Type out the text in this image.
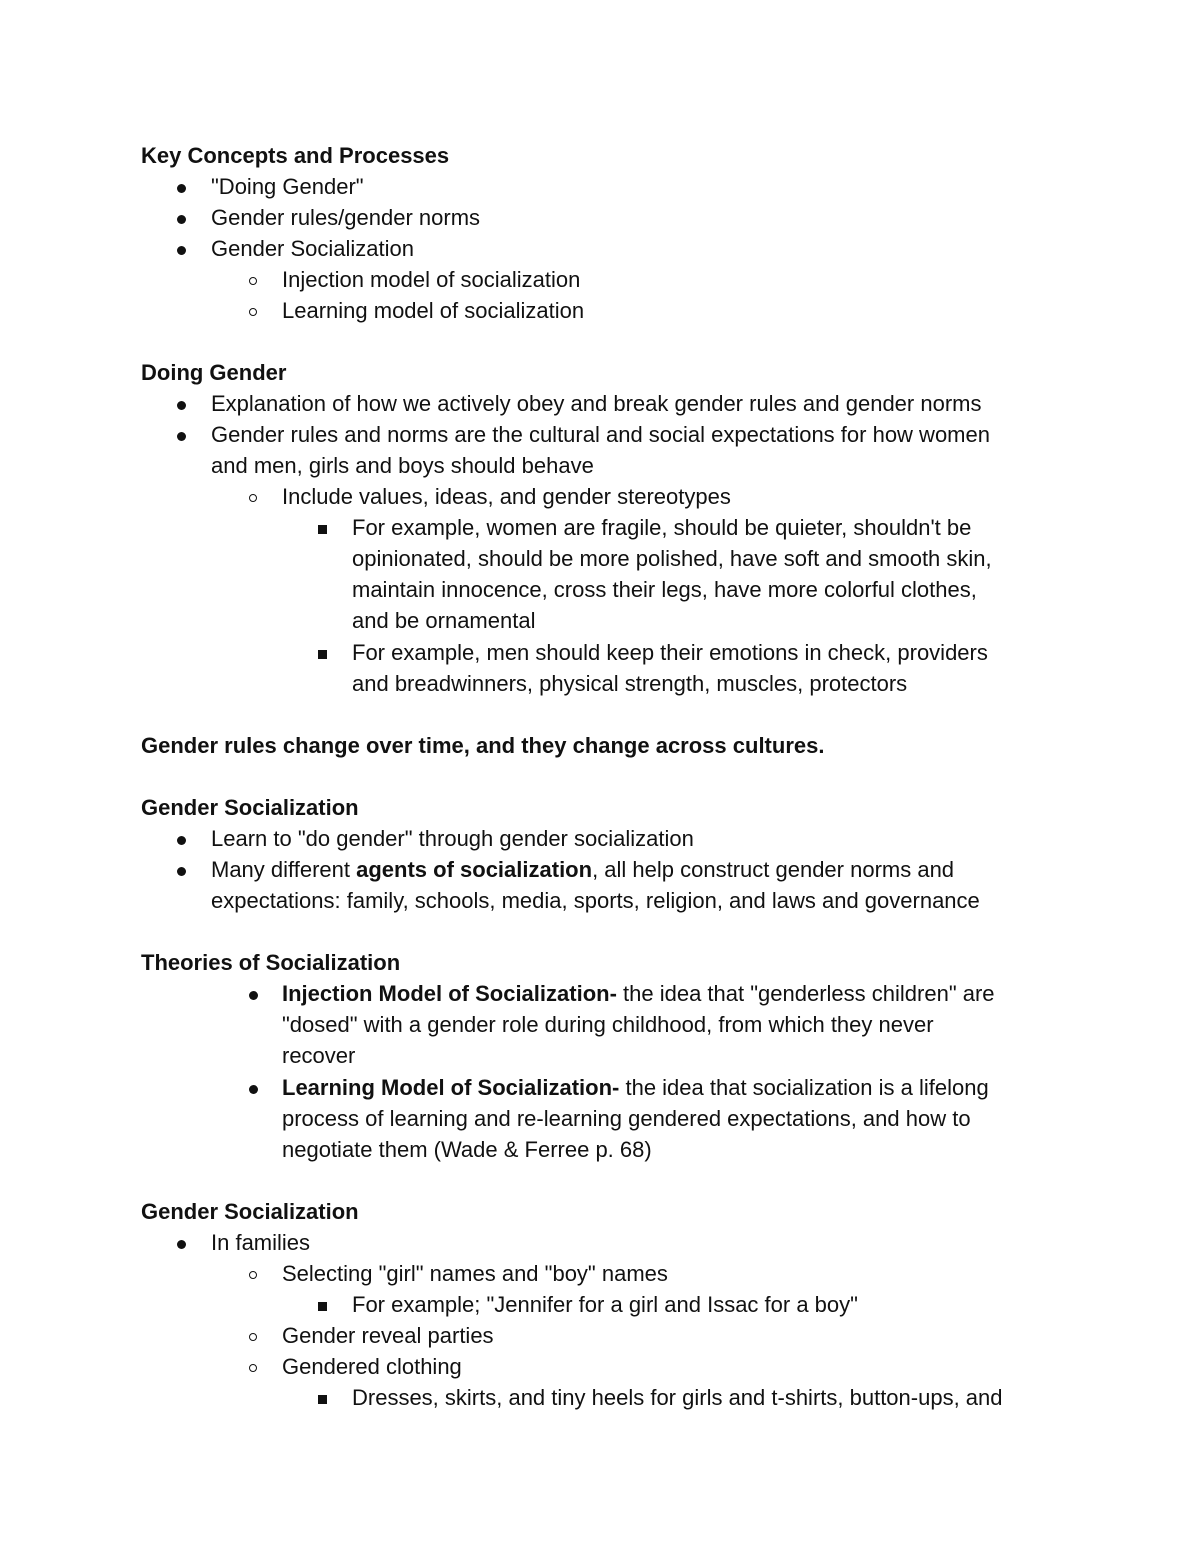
Key Concepts and Processes
"Doing Gender"
Gender rules/gender norms
Gender Socialization
Injection model of socialization
Learning model of socialization
Doing Gender
Explanation of how we actively obey and break gender rules and gender norms
Gender rules and norms are the cultural and social expectations for how women
and men, girls and boys should behave
Include values, ideas, and gender stereotypes
For example, women are fragile, should be quieter, shouldn't be
opinionated, should be more polished, have soft and smooth skin,
maintain innocence, cross their legs, have more colorful clothes,
and be ornamental
For example, men should keep their emotions in check, providers
and breadwinners, physical strength, muscles, protectors
Gender rules change over time, and they change across cultures.
Gender Socialization
Learn to "do gender" through gender socialization
Many different agents of socialization, all help construct gender norms and
expectations: family, schools, media, sports, religion, and laws and governance
Theories of Socialization
Injection Model of Socialization- the idea that "genderless children" are
"dosed" with a gender role during childhood, from which they never
recover
Learning Model of Socialization- the idea that socialization is a lifelong
process of learning and re-learning gendered expectations, and how to
negotiate them (Wade & Ferree p. 68)
Gender Socialization
In families
Selecting "girl" names and "boy" names
For example; "Jennifer for a girl and Issac for a boy"
Gender reveal parties
Gendered clothing
Dresses, skirts, and tiny heels for girls and t-shirts, button-ups, and
